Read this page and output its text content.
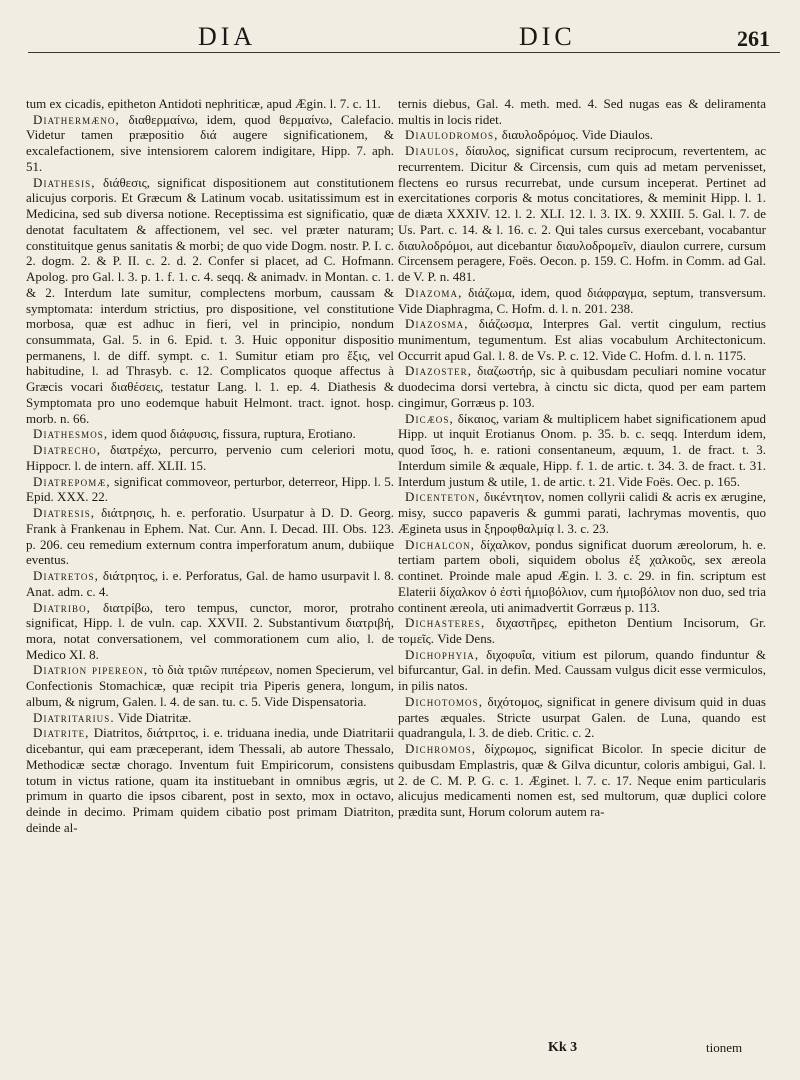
DIA	DIC	261

tum ex cicadis, epitheton Antidoti nephriticæ, apud Ægin. l. 7. c. 11.

Diathermæno, διαθερμαίνω, idem, quod θερμαίνω, Calefacio. Videtur tamen præpositio διά augere significationem, & excalefactionem, sive intensiorem calorem indigitare, Hipp. 7. aph. 51.

Diathesis, διάθεσις, significat dispositionem aut constitutionem alicujus corporis. Et Græcum & Latinum vocab. usitatissimum est in Medicina, sed sub diversa notione. Receptissima est significatio, quæ denotat facultatem & affectionem, vel sec. vel præter naturam; constituitque genus sanitatis & morbi; de quo vide Dogm. nostr. P. I. c. 2. dogm. 2. & P. II. c. 2. d. 2. Confer si placet, ad C. Hofmann. Apolog. pro Gal. l. 3. p. 1. f. 1. c. 4. seqq. & animadv. in Montan. c. 1. & 2. Interdum late sumitur, complectens morbum, caussam & symptomata: interdum strictius, pro dispositione, vel constitutione morbosa, quæ est adhuc in fieri, vel in principio, nondum consummata, Gal. 5. in 6. Epid. t. 3. Huic opponitur dispositio permanens, l. de diff. sympt. c. 1. Sumitur etiam pro ἕξις, vel habitudine, l. ad Thrasyb. c. 12. Complicatos quoque affectus à Græcis vocari διαθέσεις, testatur Lang. l. 1. ep. 4. Diathesis & Symptomata pro uno eodemque habuit Helmont. tract. ignot. hosp. morb. n. 66.

Diathesmos, idem quod διάφυσις, fissura, ruptura, Erotiano.

Diatrecho, διατρέχω, percurro, pervenio cum celeriori motu, Hippocr. l. de intern. aff. XLII. 15.

Diatrepomæ, significat commoveor, perturbor, deterreor, Hipp. l. 5. Epid. XXX. 22.

Diatresis, διάτρησις, h. e. perforatio. Usurpatur à D. D. Georg. Frank à Frankenau in Ephem. Nat. Cur. Ann. I. Decad. III. Obs. 123. p. 206. ceu remedium externum contra imperforatum anum, dubiique eventus.

Diatretos, διάτρητος, i. e. Perforatus, Gal. de hamo usurpavit l. 8. Anat. adm. c. 4.

Diatribo, διατρίβω, tero tempus, cunctor, moror, protraho significat, Hipp. l. de vuln. cap. XXVII. 2. Substantivum διατριβή, mora, notat conversationem, vel commorationem cum alio, l. de Medico XI. 8.

Diatrion pipereon, τὸ διὰ τριῶν πιπέρεων, nomen Specierum, vel Confectionis Stomachicæ, quæ recipit tria Piperis genera, longum, album, & nigrum, Galen. l. 4. de san. tu. c. 5. Vide Dispensatoria.

Diatritarius. Vide Diatritæ.

Diatrite, Diatritos, διάτριτος, i. e. triduana inedia, unde Diatritarii dicebantur, qui eam præceperant, idem Thessali, ab autore Thessalo, Methodicæ sectæ chorago. Inventum fuit Empiricorum, consistens totum in victus ratione, quam ita instituebant in omnibus ægris, ut primum in quarto die ipsos cibarent, post in sexto, mox in octavo, deinde in decimo. Primam quidem cibatio post primam Diatriton, deinde al-

ternis diebus, Gal. 4. meth. med. 4. Sed nugas eas & deliramenta multis in locis ridet.

Diaulodromos, διαυλοδρόμος. Vide Diaulos.

Diaulos, δίαυλος, significat cursum reciprocum, revertentem, ac recurrentem. Dicitur & Circensis, cum quis ad metam pervenisset, flectens eo rursus recurrebat, unde cursum inceperat. Pertinet ad exercitationes corporis & motus concitatiores, & meminit Hipp. l. 1. de diæta XXXIV. 12. l. 2. XLI. 12. l. 3. IX. 9. XXIII. 5. Gal. l. 7. de Us. Part. c. 14. & l. 16. c. 2. Qui tales cursus exercebant, vocabantur διαυλοδρόμοι, aut dicebantur διαυλοδρομεῖν, diaulon currere, cursum Circensem peragere, Foës. Oecon. p. 159. C. Hofm. in Comm. ad Gal. de V. P. n. 481.

Diazoma, διάζωμα, idem, quod διάφραγμα, septum, transversum. Vide Diaphragma, C. Hofm. d. l. n. 201. 238.

Diazosma, διάζωσμα, Interpres Gal. vertit cingulum, rectius munimentum, tegumentum. Est alias vocabulum Architectonicum. Occurrit apud Gal. l. 8. de Vs. P. c. 12. Vide C. Hofm. d. l. n. 1175.

Diazoster, διαζωστήρ, sic à quibusdam peculiari nomine vocatur duodecima dorsi vertebra, à cinctu sic dicta, quod per eam partem cingimur, Gorræus p. 103.

Dicæos, δίκαιος, variam & multiplicem habet significationem apud Hipp. ut inquit Erotianus Onom. p. 35. b. c. seqq. Interdum idem, quod ἴσος, h. e. rationi consentaneum, æquum, 1. de fract. t. 3. Interdum simile & æquale, Hipp. f. 1. de artic. t. 34. 3. de fract. t. 31. Interdum justum & utile, 1. de artic. t. 21. Vide Foës. Oec. p. 165.

Dicenteton, δικέντητον, nomen collyrii calidi & acris ex ærugine, misy, succo papaveris & gummi parati, lachrymas moventis, quo Ægineta usus in ξηροφθαλμίᾳ l. 3. c. 23.

Dichalcon, δίχαλκον, pondus significat duorum æreolorum, h. e. tertiam partem oboli, siquidem obolus ἐξ χαλκοῦς, sex æreola continet. Proinde male apud Ægin. l. 3. c. 29. in fin. scriptum est Elaterii δίχαλκον ὁ ἐστὶ ἡμιοβόλιον, cum ἡμιοβόλιον non duo, sed tria continent æreola, uti animadvertit Gorræus p. 113.

Dichasteres, διχαστῆρες, epitheton Dentium Incisorum, Gr. τομεῖς. Vide Dens.

Dichophyia, διχοφυΐα, vitium est pilorum, quando finduntur & bifurcantur, Gal. in defin. Med. Caussam vulgus dicit esse vermiculos, in pilis natos.

Dichotomos, διχότομος, significat in genere divisum quid in duas partes æquales. Stricte usurpat Galen. de Luna, quando est quadrangula, l. 3. de dieb. Critic. c. 2.

Dichromos, δίχρωμος, significat Bicolor. In specie dicitur de quibusdam Emplastris, quæ & Gilva dicuntur, coloris ambigui, Gal. l. 2. de C. M. P. G. c. 1. Æginet. l. 7. c. 17. Neque enim particularis alicujus medicamenti nomen est, sed multorum, quæ duplici colore prædita sunt, Horum colorum autem ra-

Kk 3	tionem
